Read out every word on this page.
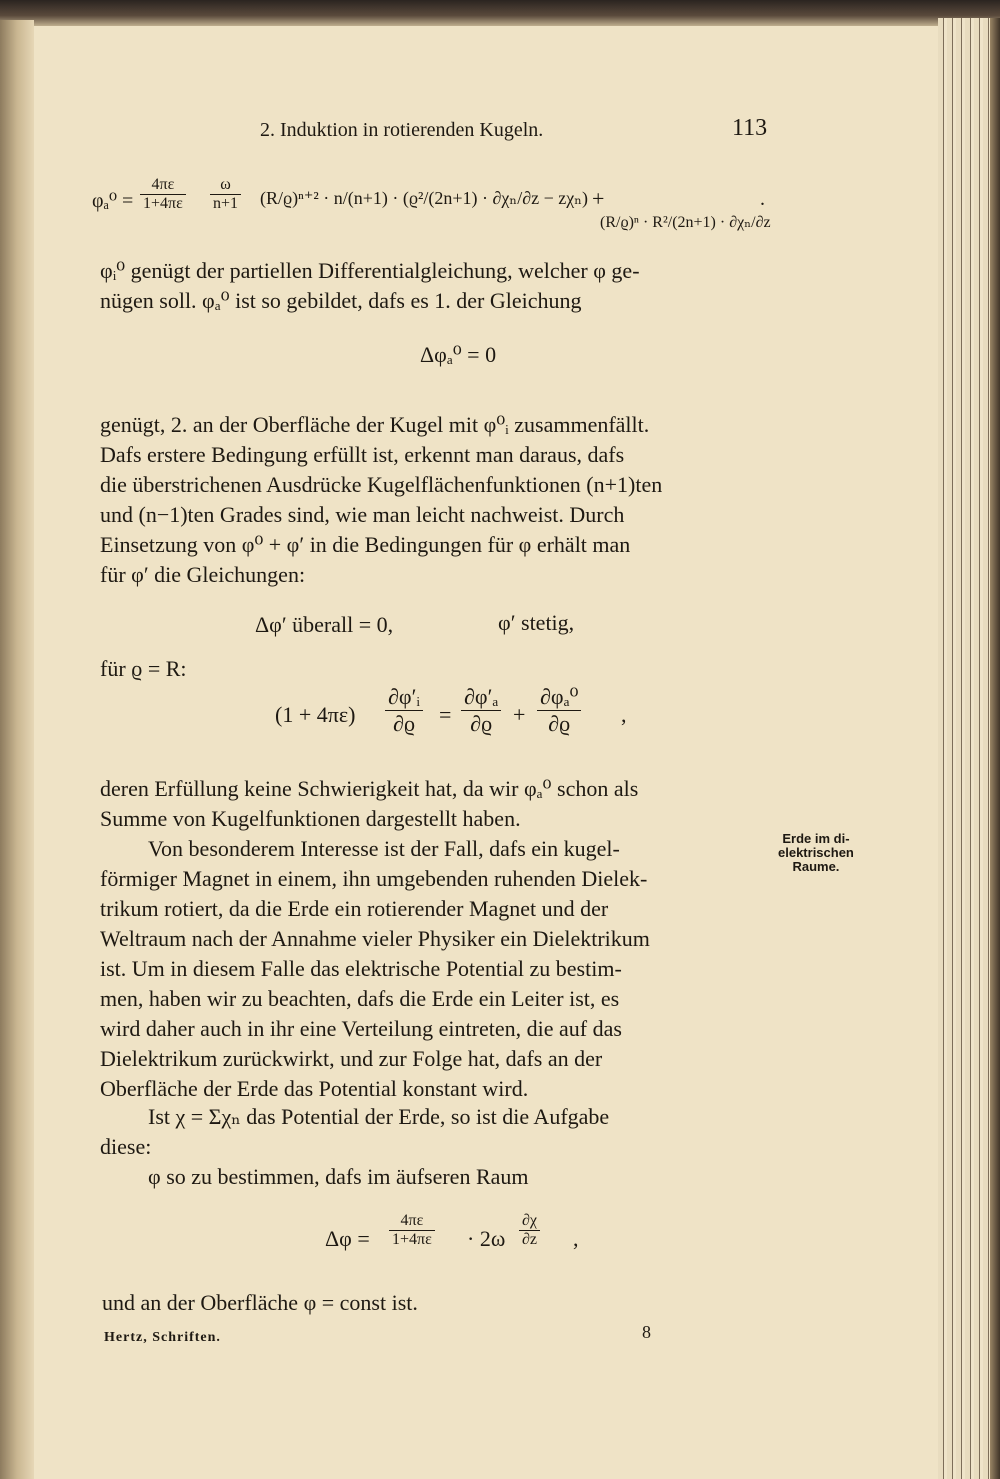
2. Induktion in rotierenden Kugeln.	113
$\varphi_a^0 = \frac{4\pi\varepsilon}{1+4\pi\varepsilon} \frac{\omega}{n+1} (R/ϱ)^{n+2} \cdot n/(n+1) \cdot (ϱ^2/(2n+1) \cdot \partial\chi_n/\partial z - z\chi_n)$ +
(R/ϱ)ⁿ · R²/(2n+1) · ∂χₙ/∂z
.
φᵢ⁰ genügt der partiellen Differentialgleichung, welcher φ ge-
nügen soll. φₐ⁰ ist so gebildet, dafs es 1. der Gleichung
Δφₐ⁰ = 0
genügt, 2. an der Oberfläche der Kugel mit φ⁰ᵢ zusammenfällt.
Dafs erstere Bedingung erfüllt ist, erkennt man daraus, dafs
die überstrichenen Ausdrücke Kugelflächenfunktionen (n+1)ten
und (n−1)ten Grades sind, wie man leicht nachweist. Durch
Einsetzung von φ⁰ + φ′ in die Bedingungen für φ erhält man
für φ′ die Gleichungen:
Δφ′ überall = 0,	φ′ stetig,
für ϱ = R:
$(1 + 4\pi\varepsilon) \frac{\text{∂φ′ᵢ}}{\partial ϱ} = \frac{\text{∂φ′ₐ}}{\partial ϱ} + \frac{\text{∂φₐ⁰}}{\partial ϱ}$ ,
deren Erfüllung keine Schwierigkeit hat, da wir φₐ⁰ schon als
Summe von Kugelfunktionen dargestellt haben.
Von besonderem Interesse ist der Fall, dafs ein kugel-
förmiger Magnet in einem, ihn umgebenden ruhenden Dielek-
trikum rotiert, da die Erde ein rotierender Magnet und der
Weltraum nach der Annahme vieler Physiker ein Dielektrikum
ist. Um in diesem Falle das elektrische Potential zu bestim-
men, haben wir zu beachten, dafs die Erde ein Leiter ist, es
wird daher auch in ihr eine Verteilung eintreten, die auf das
Dielektrikum zurückwirkt, und zur Folge hat, dafs an der
Oberfläche der Erde das Potential konstant wird.
Erde im di-
elektrischen
Raume.
Ist χ = Σχₙ das Potential der Erde, so ist die Aufgabe
diese:
φ so zu bestimmen, dafs im äufseren Raum
$\Delta\varphi = \frac{4\pi\varepsilon}{1+4\pi\varepsilon} \cdot 2\omega \frac{\partial\chi}{\partial z}$ ,
und an der Oberfläche φ = const ist.
Hertz, Schriften.	8
